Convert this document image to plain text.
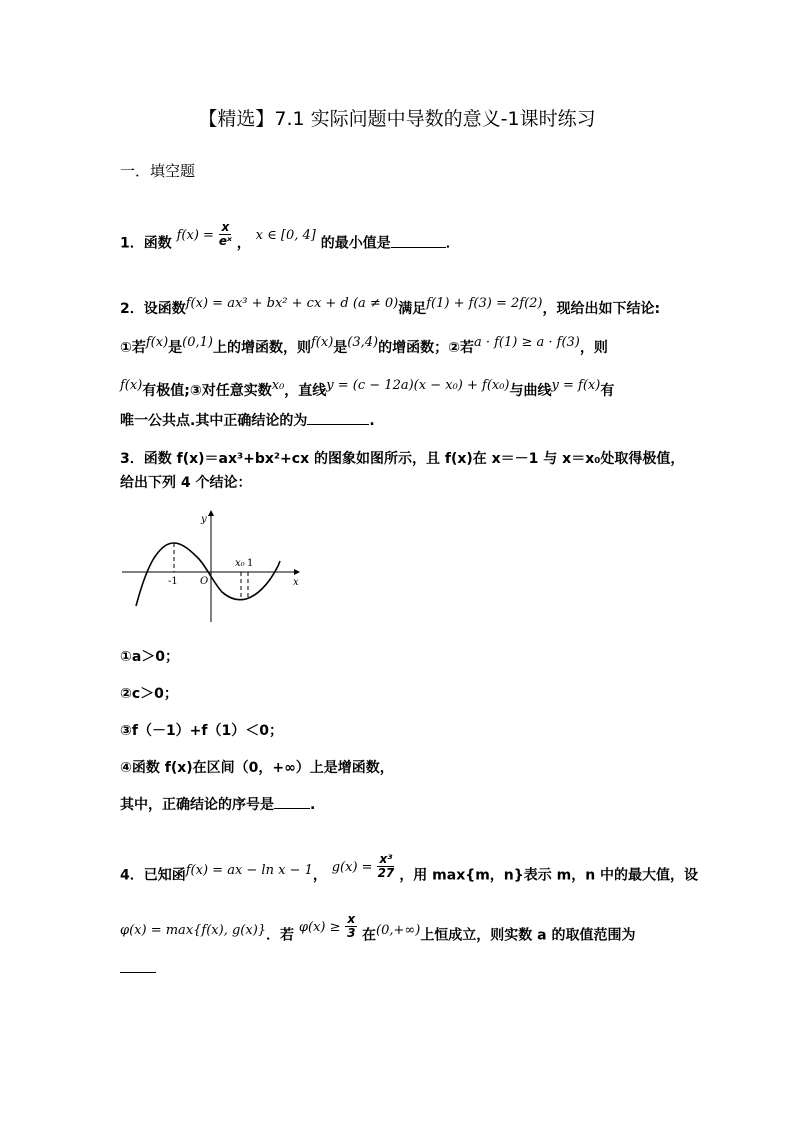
【精选】7.1 实际问题中导数的意义-1课时练习
一．填空题
1．函数 $f(x) = \frac{x}{\text{eˣ}}$ ， x ∈ [0, 4] 的最小值是	．
2．设函数f(x) = ax³ + bx² + cx + d (a ≠ 0)满足f(1) + f(3) = 2f(2)，现给出如下结论:
①若f(x)是(0,1)上的增函数，则f(x)是(3,4)的增函数；②若a · f(1) ≥ a · f(3)，则
f(x)有极值;③对任意实数x₀，直线y = (c − 12a)(x − x₀) + f(x₀)与曲线y = f(x)有
唯一公共点.其中正确结论的为	.
3．函数 f(x)＝ax³+bx²+cx 的图象如图所示，且 f(x)在 x＝－1 与 x＝x₀处取得极值，
给出下列 4 个结论：
y
x
O
-1
x₀ 1
①a＞0；
②c＞0；
③f（－1）+f（1）＜0；
④函数 f(x)在区间（0，+∞）上是增函数，
其中，正确结论的序号是	.
4．已知函f(x) = ax − ln x − 1， $g(x) = \frac{\text{x³}}{27}$ ，用 max{m，n}表示 m，n 中的最大值，设
φ(x) = max{f(x), g(x)}．若 $\varphi(x) \ge \frac{x}{3}$ 在(0,+∞)上恒成立，则实数 a 的取值范围为
